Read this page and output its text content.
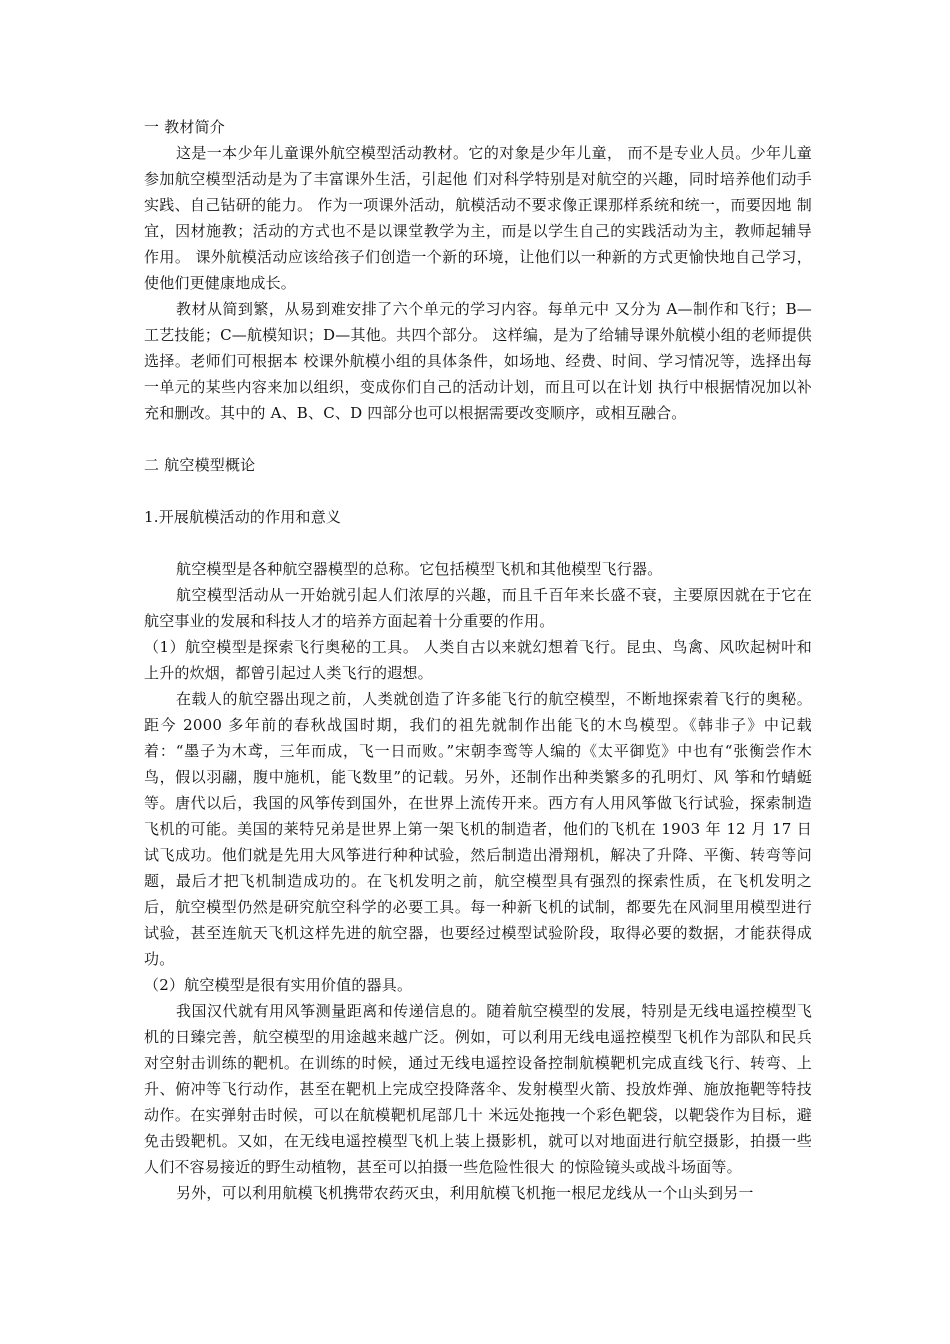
一 教材简介

这是一本少年儿童课外航空模型活动教材。它的对象是少年儿童， 而不是专业人员。少年儿童参加航空模型活动是为了丰富课外生活，引起他 们对科学特别是对航空的兴趣，同时培养他们动手实践、自己钻研的能力。 作为一项课外活动，航模活动不要求像正课那样系统和统一，而要因地 制宜，因材施教；活动的方式也不是以课堂教学为主，而是以学生自己的实践活动为主，教师起辅导作用。 课外航模活动应该给孩子们创造一个新的环境，让他们以一种新的方式更愉快地自己学习，使他们更健康地成长。

教材从简到繁，从易到难安排了六个单元的学习内容。每单元中 又分为 A—制作和飞行；B—工艺技能；C—航模知识；D—其他。共四个部分。 这样编，是为了给辅导课外航模小组的老师提供选择。老师们可根据本 校课外航模小组的具体条件，如场地、经费、时间、学习情况等，选择出每 一单元的某些内容来加以组织，变成你们自己的活动计划，而且可以在计划 执行中根据情况加以补充和删改。其中的 A、B、C、D 四部分也可以根据需要改变顺序，或相互融合。

二 航空模型概论

1.开展航模活动的作用和意义

航空模型是各种航空器模型的总称。它包括模型飞机和其他模型飞行器。

航空模型活动从一开始就引起人们浓厚的兴趣，而且千百年来长盛不衰，主要原因就在于它在航空事业的发展和科技人才的培养方面起着十分重要的作用。

（1）航空模型是探索飞行奥秘的工具。 人类自古以来就幻想着飞行。昆虫、鸟禽、风吹起树叶和上升的炊烟，都曾引起过人类飞行的遐想。

在载人的航空器出现之前，人类就创造了许多能飞行的航空模型，不断地探索着飞行的奥秘。距今 2000 多年前的春秋战国时期，我们的祖先就制作出能飞的木鸟模型。《韩非子》中记载着：“墨子为木鸢，三年而成，飞一日而败。”宋朝李鸾等人编的《太平御览》中也有“张衡尝作木鸟，假以羽翮，腹中施机，能飞数里”的记载。另外，还制作出种类繁多的孔明灯、风 筝和竹蜻蜓等。唐代以后，我国的风筝传到国外，在世界上流传开来。西方有人用风筝做飞行试验，探索制造飞机的可能。美国的莱特兄弟是世界上第一架飞机的制造者，他们的飞机在 1903 年 12 月 17 日试飞成功。他们就是先用大风筝进行种种试验，然后制造出滑翔机，解决了升降、平衡、转弯等问题，最后才把飞机制造成功的。在飞机发明之前，航空模型具有强烈的探索性质，在飞机发明之后，航空模型仍然是研究航空科学的必要工具。每一种新飞机的试制，都要先在风洞里用模型进行试验，甚至连航天飞机这样先进的航空器，也要经过模型试验阶段，取得必要的数据，才能获得成功。

（2）航空模型是很有实用价值的器具。

我国汉代就有用风筝测量距离和传递信息的。随着航空模型的发展，特别是无线电遥控模型飞机的日臻完善，航空模型的用途越来越广泛。例如，可以利用无线电遥控模型飞机作为部队和民兵对空射击训练的靶机。在训练的时候，通过无线电遥控设备控制航模靶机完成直线飞行、转弯、上升、俯冲等飞行动作，甚至在靶机上完成空投降落伞、发射模型火箭、投放炸弹、施放拖靶等特技动作。在实弹射击时候，可以在航模靶机尾部几十 米远处拖拽一个彩色靶袋，以靶袋作为目标，避免击毁靶机。又如，在无线电遥控模型飞机上装上摄影机，就可以对地面进行航空摄影，拍摄一些人们不容易接近的野生动植物，甚至可以拍摄一些危险性很大 的惊险镜头或战斗场面等。

另外，可以利用航模飞机携带农药灭虫，利用航模飞机拖一根尼龙线从一个山头到另一
